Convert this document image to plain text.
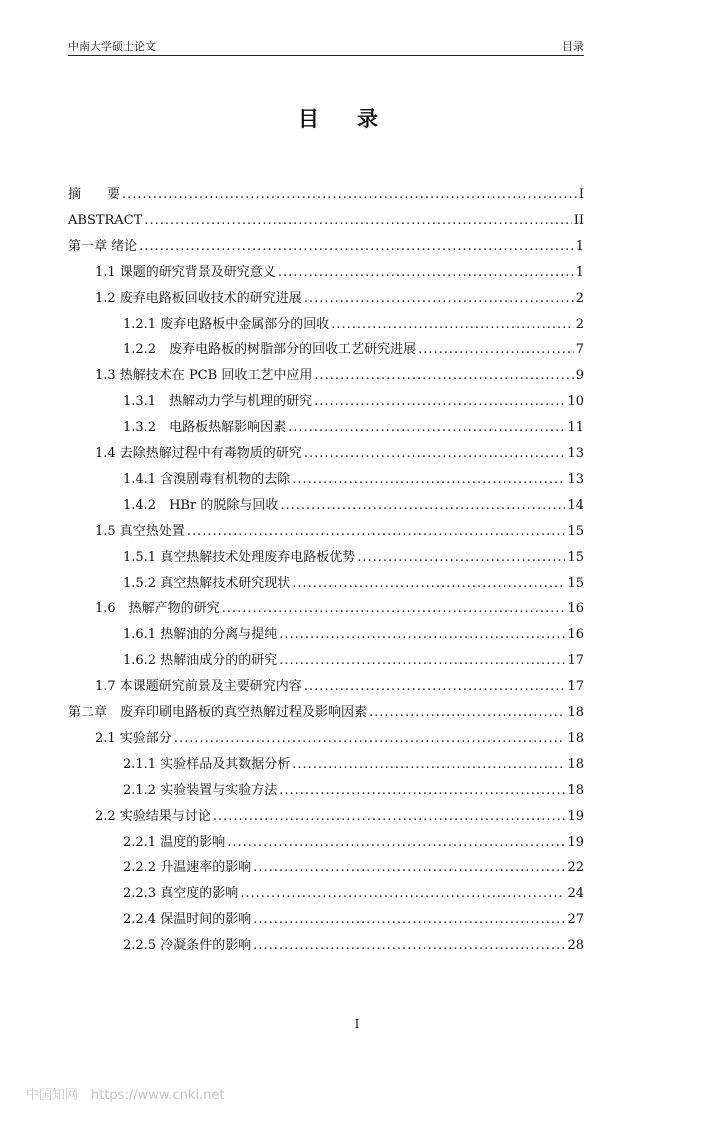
中南大学硕士论文	目录
目录
摘　　要 .....	I
ABSTRACT .....	II
第一章 绪论 .....	1
1.1 课题的研究背景及研究意义 .....	1
1.2 废弃电路板回收技术的研究进展 .....	2
1.2.1 废弃电路板中金属部分的回收 .....	2
1.2.2　废弃电路板的树脂部分的回收工艺研究进展 .....	7
1.3 热解技术在 PCB 回收工艺中应用 .....	9
1.3.1　热解动力学与机理的研究 .....	10
1.3.2　电路板热解影响因素 .....	11
1.4 去除热解过程中有毒物质的研究 .....	13
1.4.1 含溴剧毒有机物的去除 .....	13
1.4.2　HBr 的脱除与回收 .....	14
1.5 真空热处置 .....	15
1.5.1 真空热解技术处理废弃电路板优势 .....	15
1.5.2 真空热解技术研究现状 .....	15
1.6　热解产物的研究 .....	16
1.6.1 热解油的分离与提纯 .....	16
1.6.2 热解油成分的的研究 .....	17
1.7 本课题研究前景及主要研究内容 .....	17
第二章　废弃印刷电路板的真空热解过程及影响因素 .....	18
2.1 实验部分 .....	18
2.1.1 实验样品及其数据分析 .....	18
2.1.2 实验装置与实验方法 .....	18
2.2 实验结果与讨论 .....	19
2.2.1 温度的影响 .....	19
2.2.2 升温速率的影响 .....	22
2.2.3 真空度的影响 .....	24
2.2.4 保温时间的影响 .....	27
2.2.5 冷凝条件的影响 .....	28
I
中国知网　https://www.cnki.net
